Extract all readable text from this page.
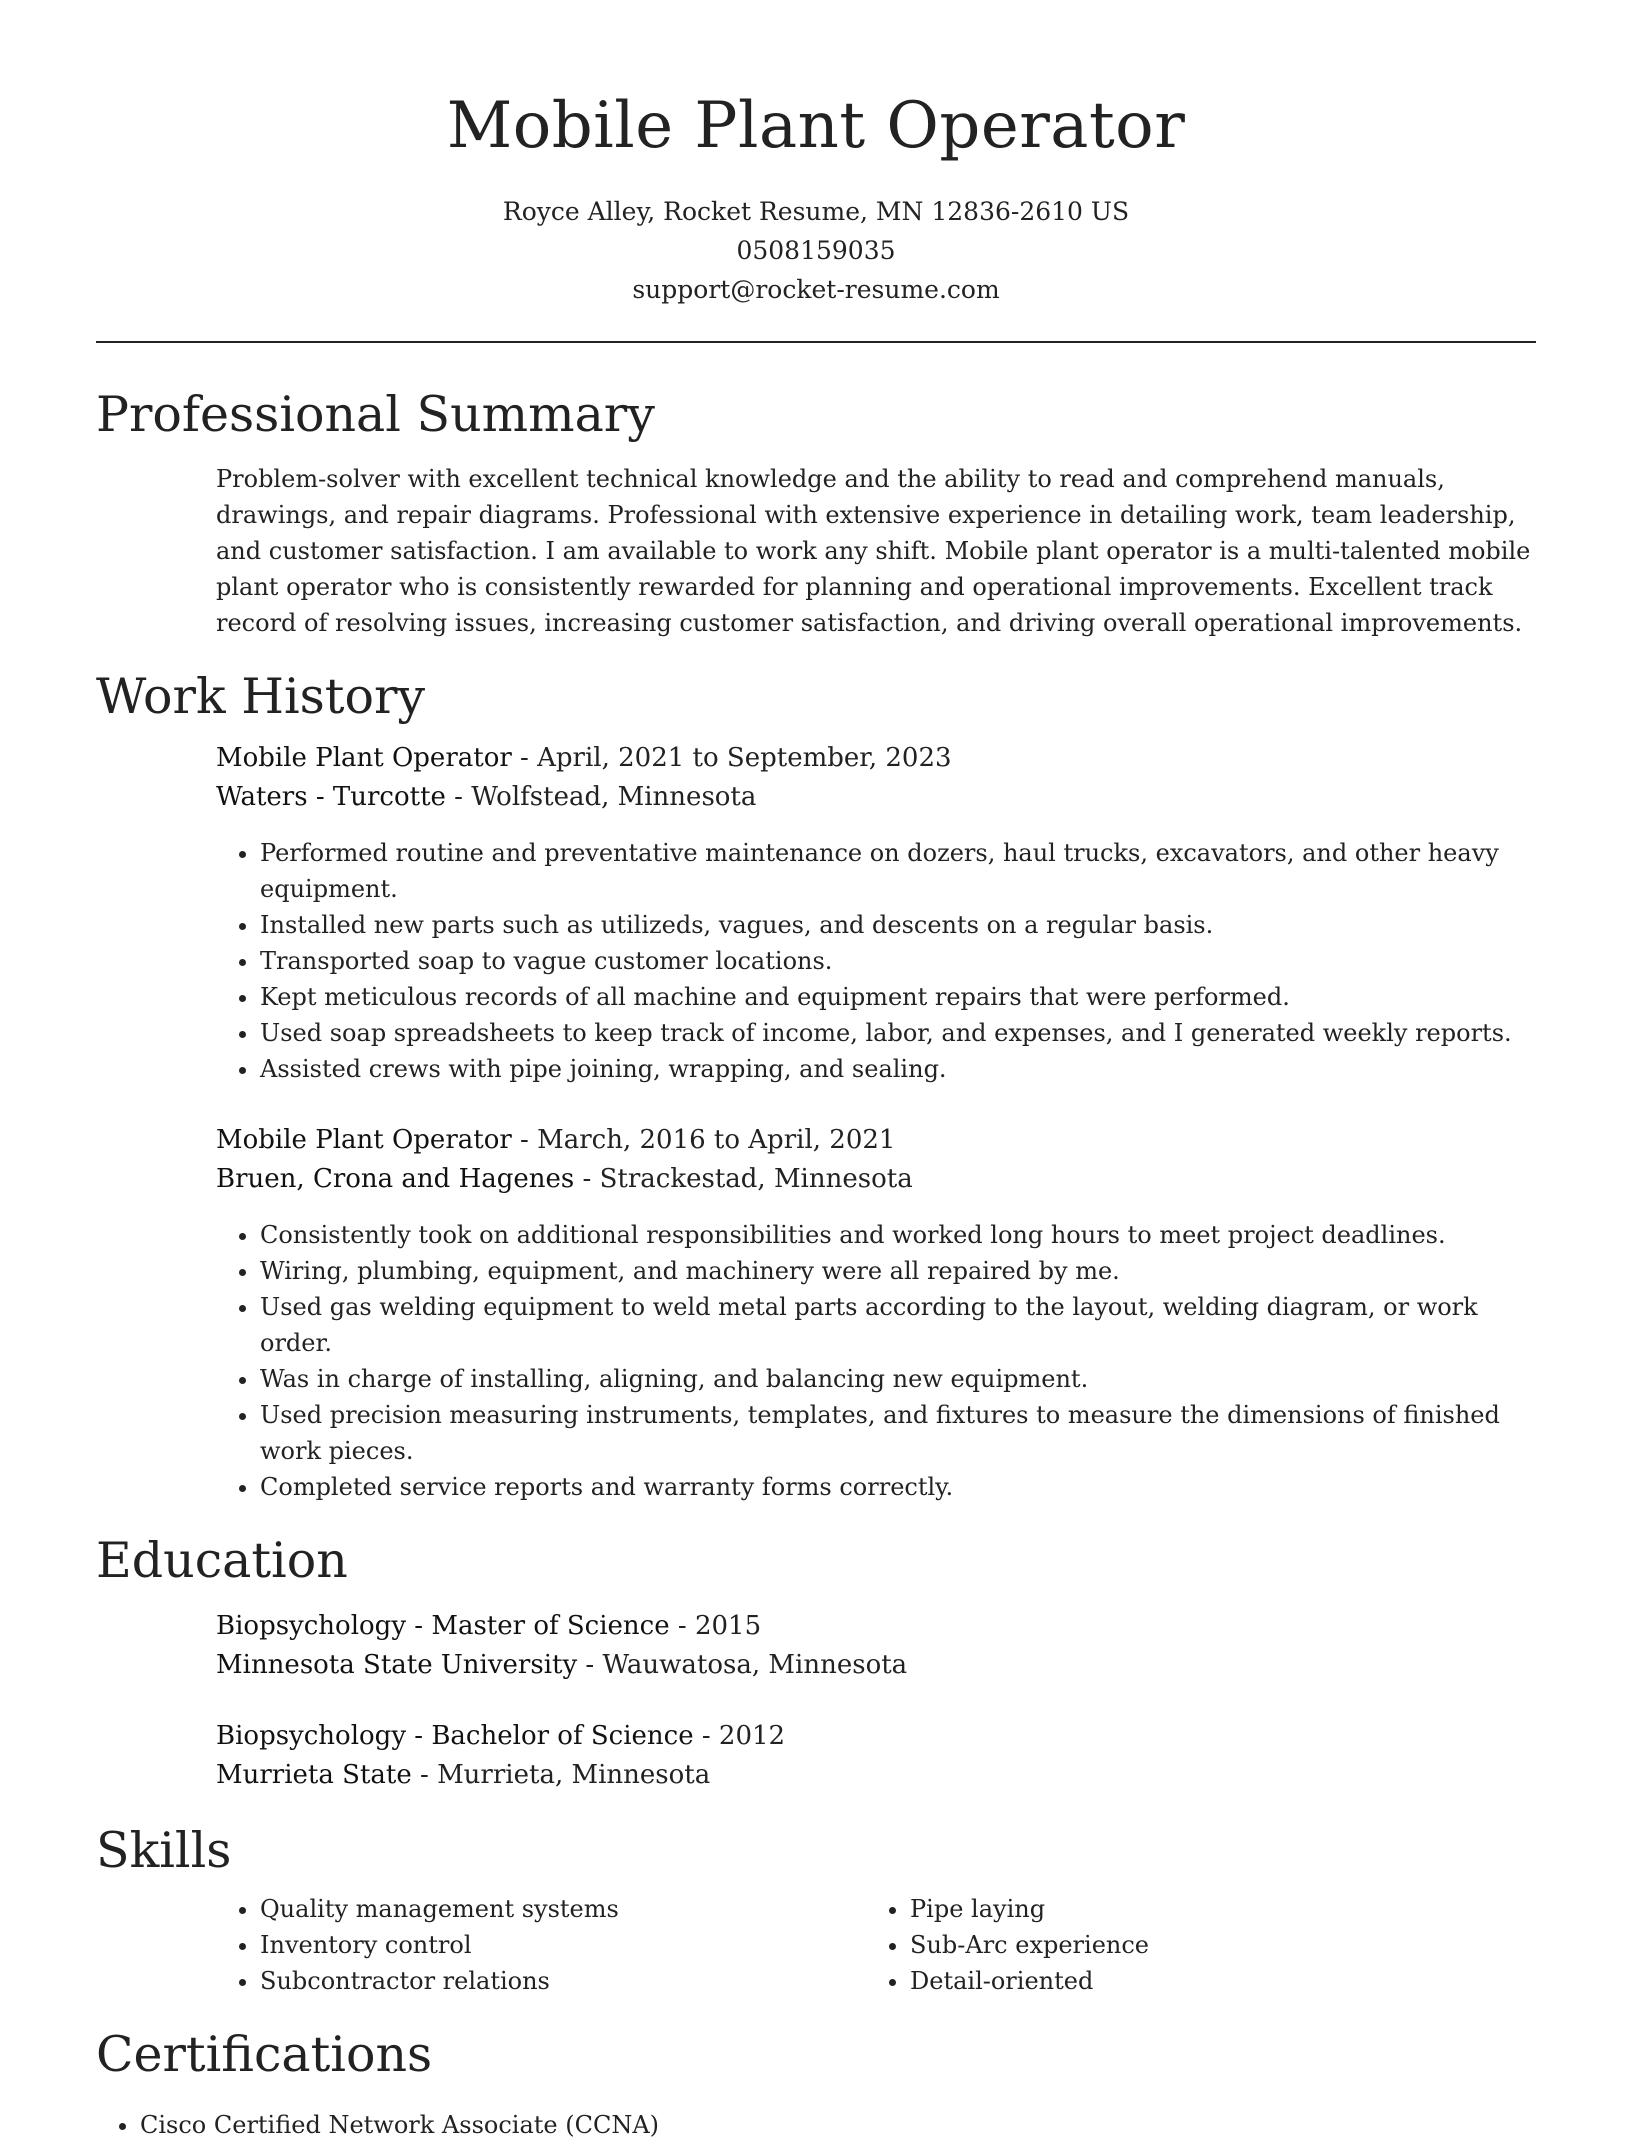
Mobile Plant Operator
Royce Alley, Rocket Resume, MN 12836-2610 US
0508159035
support@rocket-resume.com
Professional Summary
Problem-solver with excellent technical knowledge and the ability to read and comprehend manuals, drawings, and repair diagrams. Professional with extensive experience in detailing work, team leadership, and customer satisfaction. I am available to work any shift. Mobile plant operator is a multi-talented mobile plant operator who is consistently rewarded for planning and operational improvements. Excellent track record of resolving issues, increasing customer satisfaction, and driving overall operational improvements.
Work History
Mobile Plant Operator - April, 2021 to September, 2023
Waters - Turcotte - Wolfstead, Minnesota
• Performed routine and preventative maintenance on dozers, haul trucks, excavators, and other heavy equipment.
• Installed new parts such as utilizeds, vagues, and descents on a regular basis.
• Transported soap to vague customer locations.
• Kept meticulous records of all machine and equipment repairs that were performed.
• Used soap spreadsheets to keep track of income, labor, and expenses, and I generated weekly reports.
• Assisted crews with pipe joining, wrapping, and sealing.
Mobile Plant Operator - March, 2016 to April, 2021
Bruen, Crona and Hagenes - Strackestad, Minnesota
• Consistently took on additional responsibilities and worked long hours to meet project deadlines.
• Wiring, plumbing, equipment, and machinery were all repaired by me.
• Used gas welding equipment to weld metal parts according to the layout, welding diagram, or work order.
• Was in charge of installing, aligning, and balancing new equipment.
• Used precision measuring instruments, templates, and fixtures to measure the dimensions of finished work pieces.
• Completed service reports and warranty forms correctly.
Education
Biopsychology - Master of Science - 2015
Minnesota State University - Wauwatosa, Minnesota
Biopsychology - Bachelor of Science - 2012
Murrieta State - Murrieta, Minnesota
Skills
• Quality management systems
• Inventory control
• Subcontractor relations
• Pipe laying
• Sub-Arc experience
• Detail-oriented
Certifications
• Cisco Certified Network Associate (CCNA)
